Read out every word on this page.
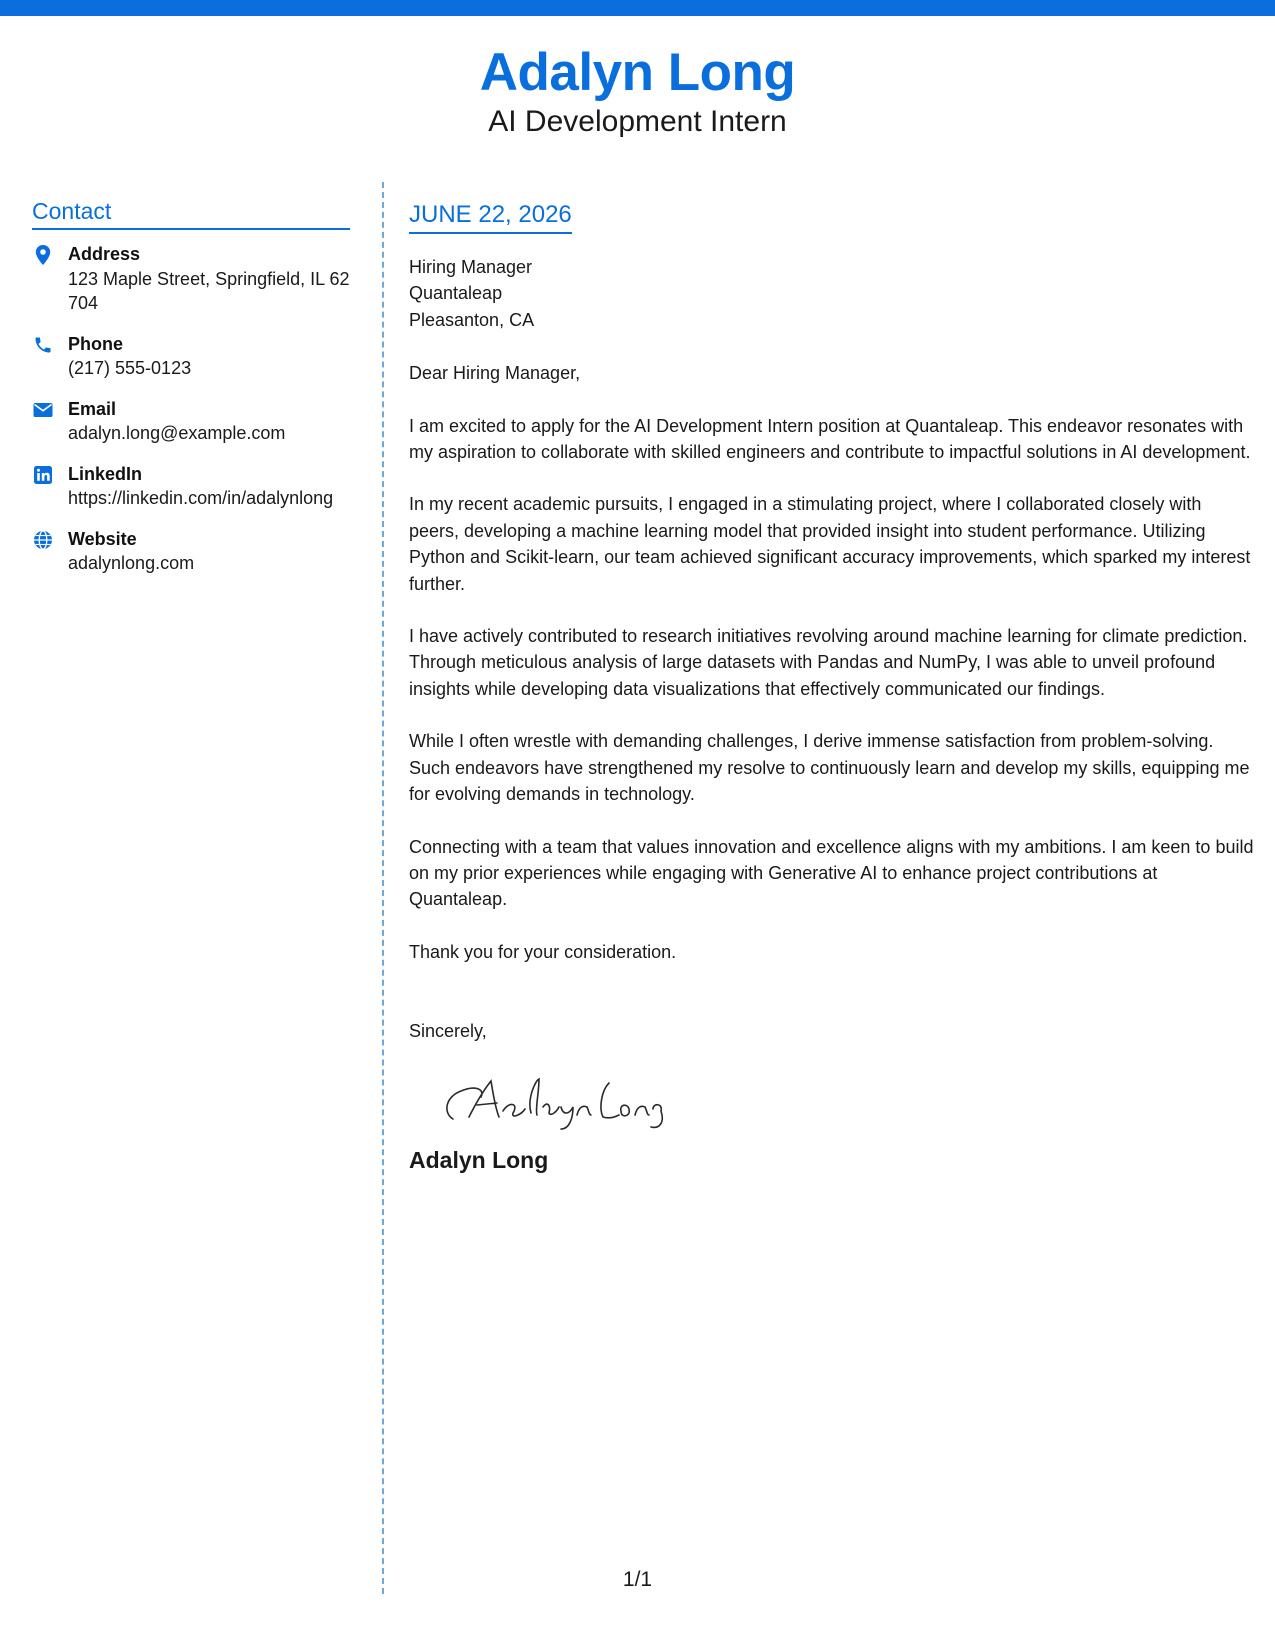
Adalyn Long
AI Development Intern
Contact
Address
123 Maple Street, Springfield, IL 62704
Phone
(217) 555-0123
Email
adalyn.long@example.com
LinkedIn
https://linkedin.com/in/adalynlong
Website
adalynlong.com
JUNE 22, 2026
Hiring Manager
Quantaleap
Pleasanton, CA
Dear Hiring Manager,
I am excited to apply for the AI Development Intern position at Quantaleap. This endeavor resonates with my aspiration to collaborate with skilled engineers and contribute to impactful solutions in AI development.
In my recent academic pursuits, I engaged in a stimulating project, where I collaborated closely with peers, developing a machine learning model that provided insight into student performance. Utilizing Python and Scikit-learn, our team achieved significant accuracy improvements, which sparked my interest further.
I have actively contributed to research initiatives revolving around machine learning for climate prediction. Through meticulous analysis of large datasets with Pandas and NumPy, I was able to unveil profound insights while developing data visualizations that effectively communicated our findings.
While I often wrestle with demanding challenges, I derive immense satisfaction from problem-solving. Such endeavors have strengthened my resolve to continuously learn and develop my skills, equipping me for evolving demands in technology.
Connecting with a team that values innovation and excellence aligns with my ambitions. I am keen to build on my prior experiences while engaging with Generative AI to enhance project contributions at Quantaleap.
Thank you for your consideration.
Sincerely,
Adalyn Long
1/1
